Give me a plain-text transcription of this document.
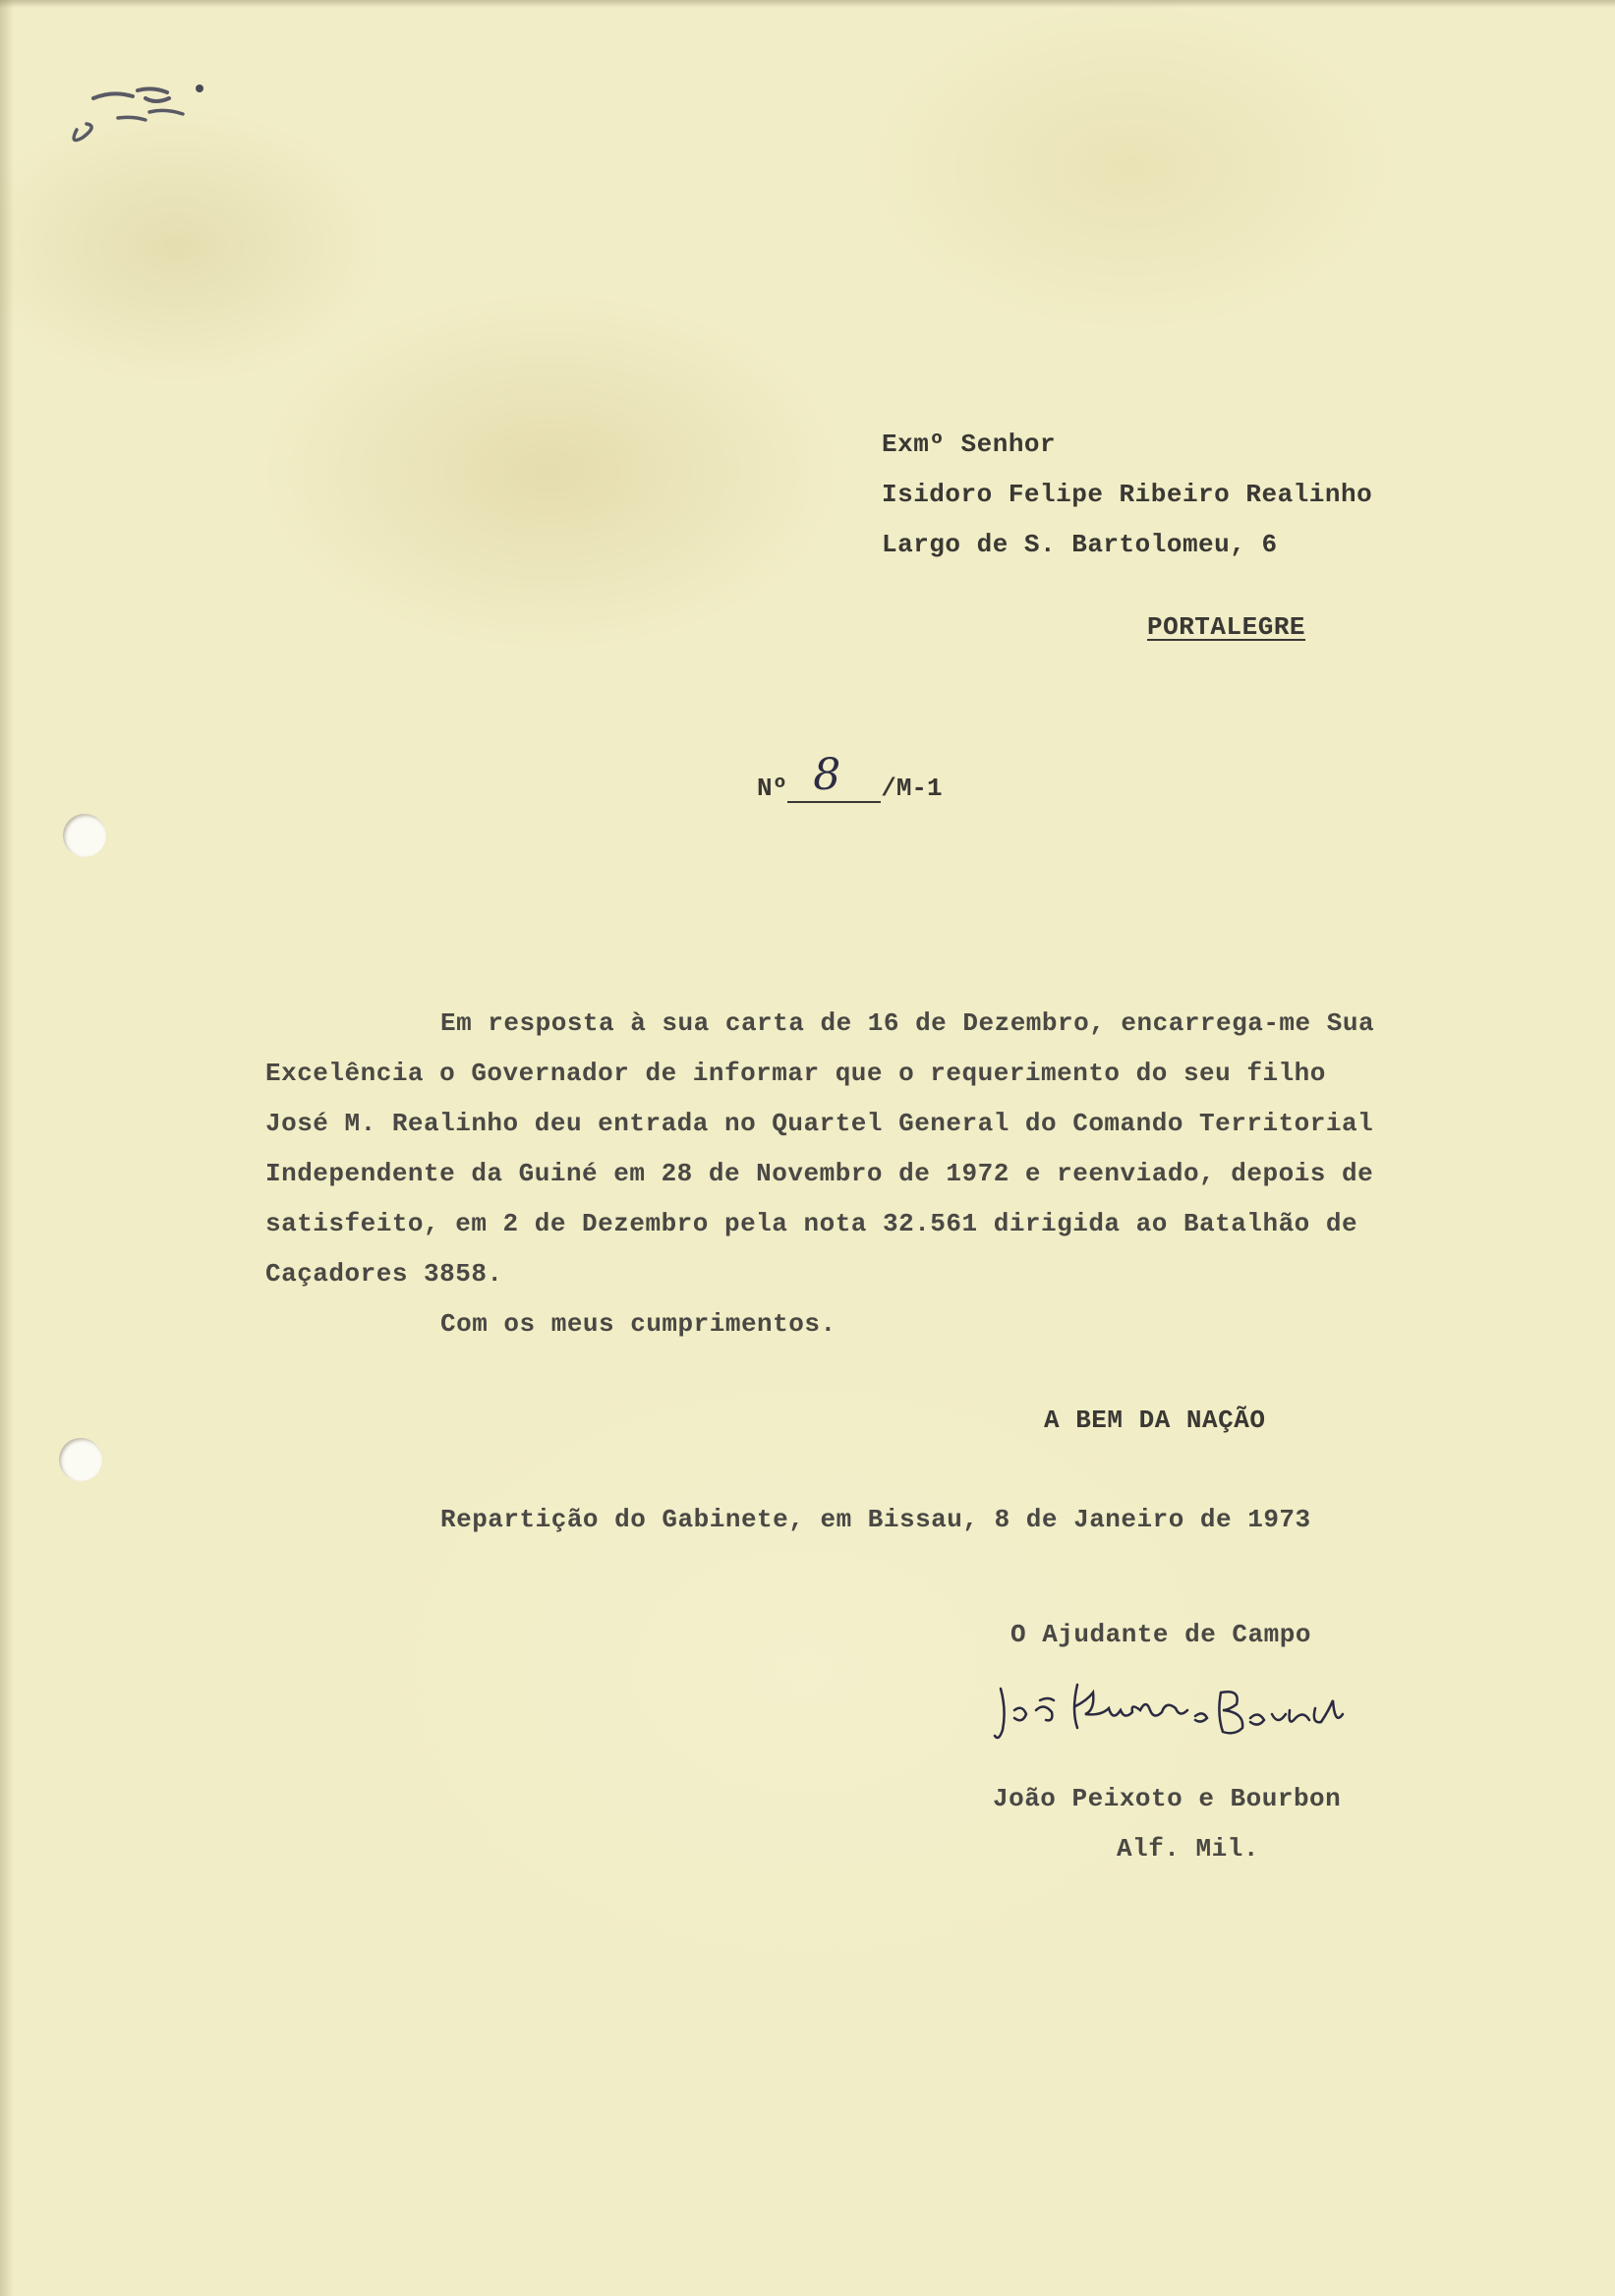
Exmº Senhor
Isidoro Felipe Ribeiro Realinho
Largo de S. Bartolomeu, 6
PORTALEGRE
Nº 8 /M-1
Em resposta à sua carta de 16 de Dezembro, encarrega-me Sua
Excelência o Governador de informar que o requerimento do seu filho
José M. Realinho deu entrada no Quartel General do Comando Territorial
Independente da Guiné em 28 de Novembro de 1972 e reenviado, depois de
satisfeito, em 2 de Dezembro pela nota 32.561 dirigida ao Batalhão de
Caçadores 3858.
Com os meus cumprimentos.
A BEM DA NAÇÃO
Repartição do Gabinete, em Bissau, 8 de Janeiro de 1973
O Ajudante de Campo
João Peixoto e Bourbon
Alf. Mil.
